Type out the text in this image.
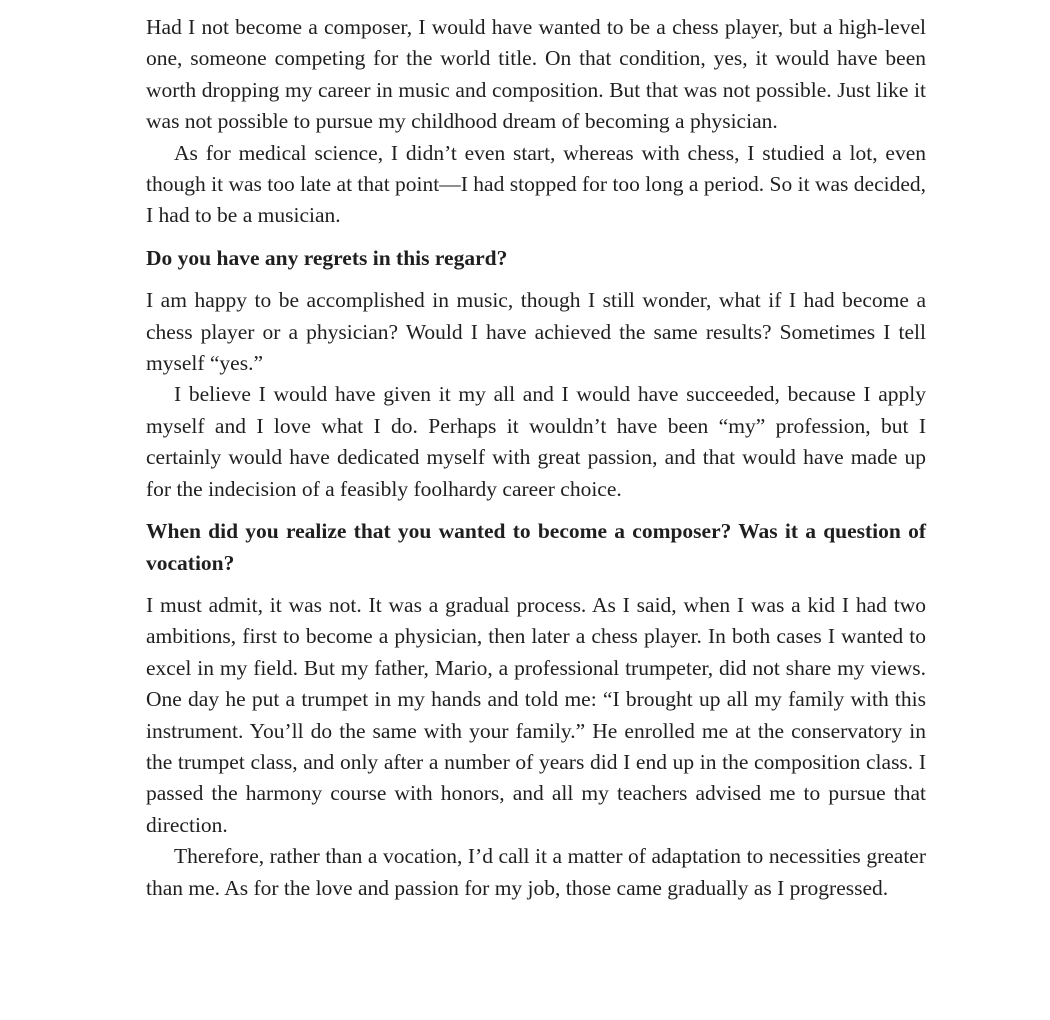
Had I not become a composer, I would have wanted to be a chess player, but a high-level one, someone competing for the world title. On that condition, yes, it would have been worth dropping my career in music and composition. But that was not possible. Just like it was not possible to pursue my childhood dream of becoming a physician.

As for medical science, I didn’t even start, whereas with chess, I studied a lot, even though it was too late at that point—I had stopped for too long a period. So it was decided, I had to be a musician.

Do you have any regrets in this regard?

I am happy to be accomplished in music, though I still wonder, what if I had become a chess player or a physician? Would I have achieved the same results? Sometimes I tell myself “yes.”

I believe I would have given it my all and I would have succeeded, because I apply myself and I love what I do. Perhaps it wouldn’t have been “my” profession, but I certainly would have dedicated myself with great passion, and that would have made up for the indecision of a feasibly foolhardy career choice.

When did you realize that you wanted to become a composer? Was it a question of vocation?

I must admit, it was not. It was a gradual process. As I said, when I was a kid I had two ambitions, first to become a physician, then later a chess player. In both cases I wanted to excel in my field. But my father, Mario, a professional trumpeter, did not share my views. One day he put a trumpet in my hands and told me: “I brought up all my family with this instrument. You’ll do the same with your family.” He enrolled me at the conservatory in the trumpet class, and only after a number of years did I end up in the composition class. I passed the harmony course with honors, and all my teachers advised me to pursue that direction.

Therefore, rather than a vocation, I’d call it a matter of adaptation to necessities greater than me. As for the love and passion for my job, those came gradually as I progressed.
